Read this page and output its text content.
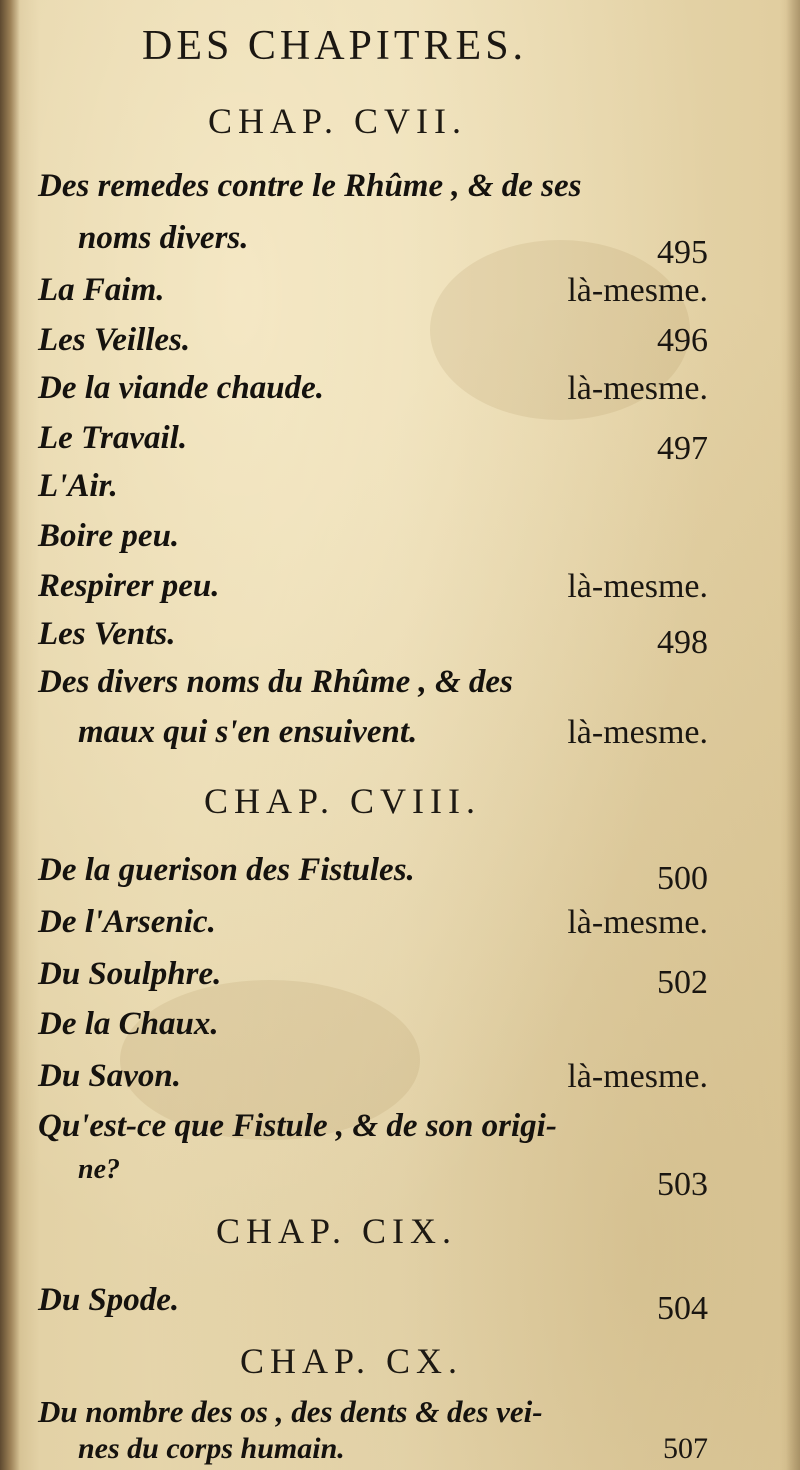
DES CHAPITRES.
CHAP. CVII.
Des remedes contre le Rhûme , & de ses
noms divers.	495
La Faim.	là-mesme.
Les Veilles.	496
De la viande chaude.	là-mesme.
Le Travail.	497
L'Air.
Boire peu.
Respirer peu.	là-mesme.
Les Vents.	498
Des divers noms du Rhûme , & des
maux qui s'en ensuivent.	là-mesme.
CHAP. CVIII.
De la guerison des Fistules.	500
De l'Arsenic.	là-mesme.
Du Soulphre.	502
De la Chaux.
Du Savon.	là-mesme.
Qu'est-ce que Fistule , & de son origi-
ne?	503
CHAP. CIX.
Du Spode.	504
CHAP. CX.
Du nombre des os , des dents & des vei-
nes du corps humain.	507
